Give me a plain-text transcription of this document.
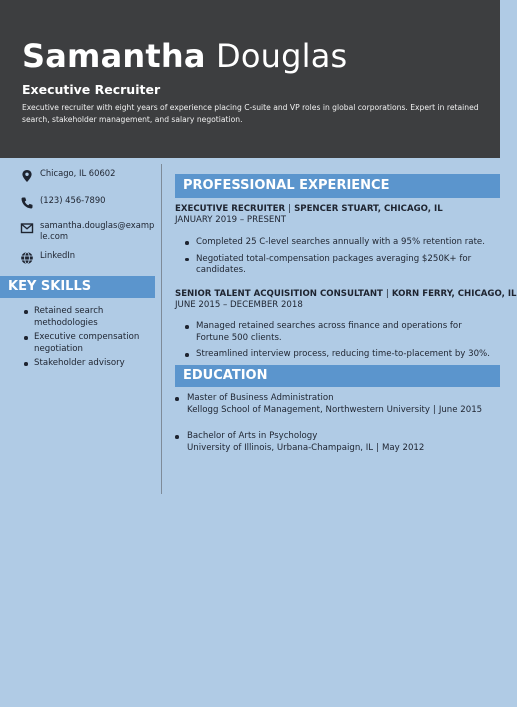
Samantha Douglas
Executive Recruiter
Executive recruiter with eight years of experience placing C-suite and VP roles in global corporations. Expert in retained search, stakeholder management, and salary negotiation.
Chicago, IL 60602
(123) 456-7890
samantha.douglas@example.com
LinkedIn
KEY SKILLS
Retained search methodologies
Executive compensation negotiation
Stakeholder advisory
PROFESSIONAL EXPERIENCE
EXECUTIVE RECRUITER | SPENCER STUART, CHICAGO, IL
JANUARY 2019 – PRESENT
Completed 25 C-level searches annually with a 95% retention rate.
Negotiated total-compensation packages averaging $250K+ for candidates.
SENIOR TALENT ACQUISITION CONSULTANT | KORN FERRY, CHICAGO, IL
JUNE 2015 – DECEMBER 2018
Managed retained searches across finance and operations for Fortune 500 clients.
Streamlined interview process, reducing time-to-placement by 30%.
EDUCATION
Master of Business Administration
Kellogg School of Management, Northwestern University | June 2015
Bachelor of Arts in Psychology
University of Illinois, Urbana-Champaign, IL | May 2012
